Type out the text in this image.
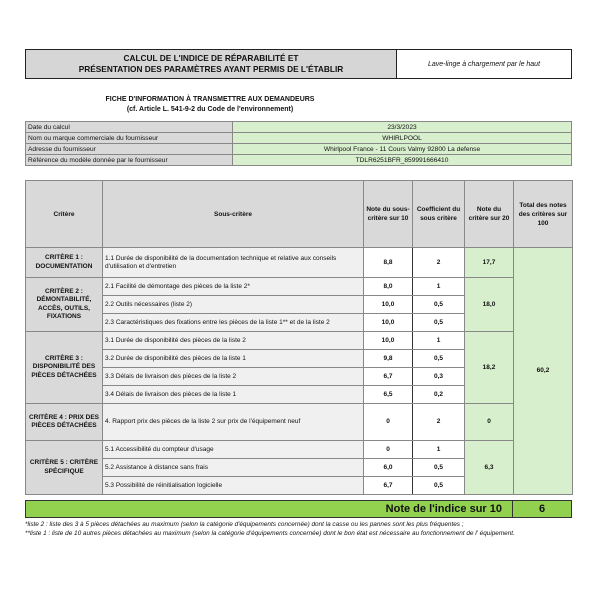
CALCUL DE L'INDICE DE RÉPARABILITÉ ET
PRÉSENTATION DES PARAMÈTRES AYANT PERMIS DE L'ÉTABLIR	Lave-linge à chargement par le haut
FICHE D'INFORMATION À TRANSMETTRE AUX DEMANDEURS
(cf. Article L. 541-9-2 du Code de l'environnement)
Date du calcul	23/3/2023
Nom ou marque commerciale du fournisseur	WHIRLPOOL
Adresse du fournisseur	Whirlpool France - 11 Cours Valmy 92800 La defense
Référence du modèle donnée par le fournisseur	TDLR6251BFR_859991666410
Critère	Sous-critère	Note du sous-critère sur 10	Coefficient du sous critère	Note du critère sur 20	Total des notes des critères sur 100
CRITÈRE 1 : DOCUMENTATION	1.1 Durée de disponibilité de la documentation technique et relative aux conseils d'utilisation et d'entretien	8,8	2	17,7	60,2
CRITÈRE 2 : DÉMONTABILITÉ, ACCÈS, OUTILS, FIXATIONS	2.1 Facilité de démontage des pièces de la liste 2*	8,0	1	18,0	
	2.2 Outils nécessaires (liste 2)	10,0	0,5		
	2.3 Caractéristiques des fixations entre les pièces de la liste 1** et de la liste 2	10,0	0,5		
CRITÈRE 3 : DISPONIBILITÉ DES PIÈCES DÉTACHÉES	3.1 Durée de disponibilité des pièces de la liste 2	10,0	1	18,2	
	3.2 Durée de disponibilité des pièces de la liste 1	9,8	0,5		
	3.3 Délais de livraison des pièces de la liste 2	6,7	0,3		
	3.4 Délais de livraison des pièces de la liste 1	6,5	0,2		
CRITÈRE 4 : PRIX DES PIÈCES DÉTACHÉES	4. Rapport prix des pièces de la liste 2 sur prix de l'équipement neuf	0	2	0	
CRITÈRE 5 : CRITÈRE SPÉCIFIQUE	5.1 Accessibilité du compteur d'usage	0	1	6,3	
	5.2 Assistance à distance sans frais	6,0	0,5		
	5.3 Possibilité de réinitialisation logicielle	6,7	0,5		
Note de l'indice sur 10	6
*liste 2 : liste des 3 à 5 pièces détachées au maximum (selon la catégorie d'équipements concernée) dont la casse ou les pannes sont les plus fréquentes ;
**liste 1 : liste de 10 autres pièces détachées au maximum (selon la catégorie d'équipements concernée) dont le bon état est nécessaire au fonctionnement de l' équipement.
